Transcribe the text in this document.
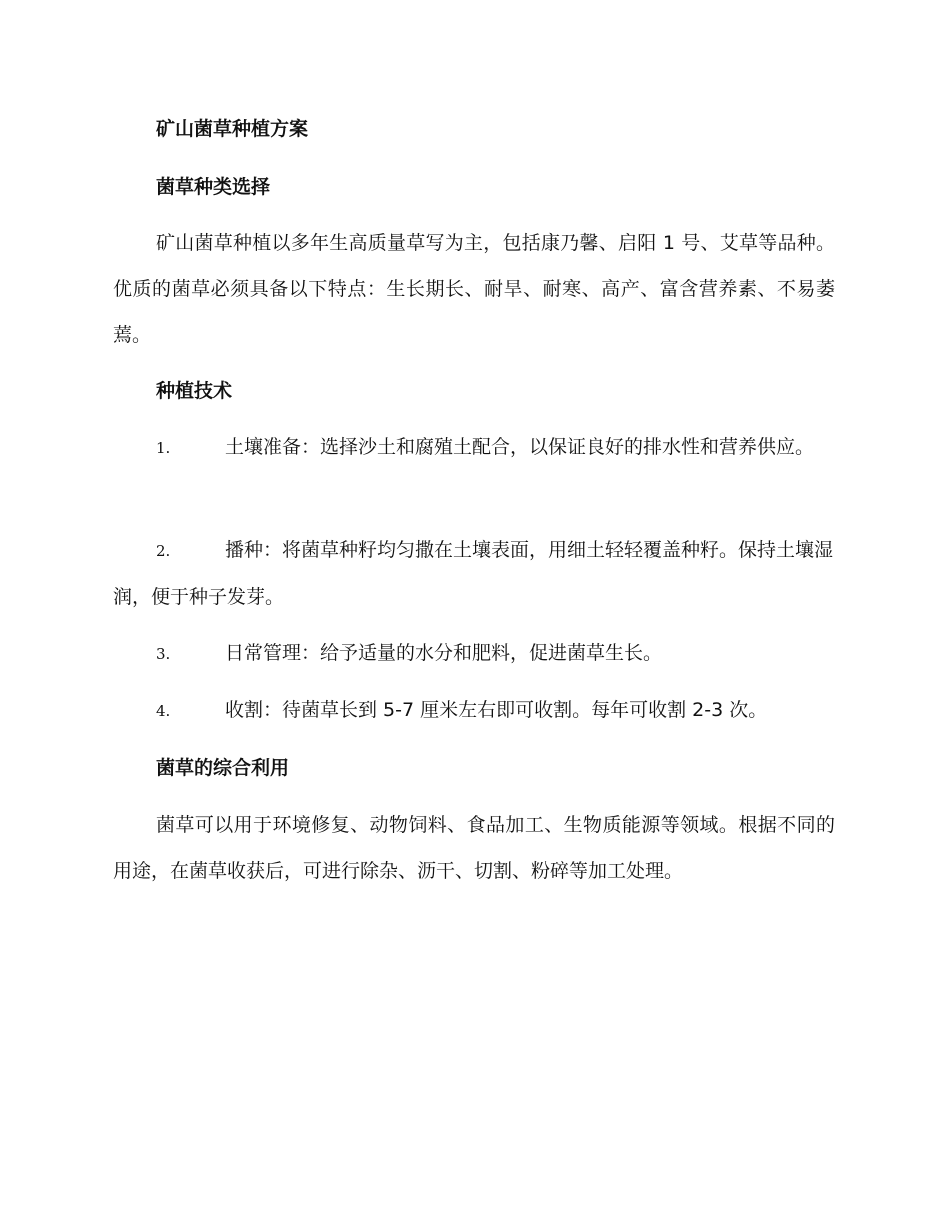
矿山菌草种植方案
菌草种类选择

矿山菌草种植以多年生高质量草写为主，包括康乃馨、启阳 1 号、艾草等品种。优质的菌草必须具备以下特点：生长期长、耐旱、耐寒、高产、富含营养素、不易萎蔫。

种植技术

1.	土壤准备：选择沙土和腐殖土配合，以保证良好的排水性和营养供应。

2.	播种：将菌草种籽均匀撒在土壤表面，用细土轻轻覆盖种籽。保持土壤湿润，便于种子发芽。

3.	日常管理：给予适量的水分和肥料，促进菌草生长。

4.	收割：待菌草长到 5-7 厘米左右即可收割。每年可收割 2-3 次。

菌草的综合利用

菌草可以用于环境修复、动物饲料、食品加工、生物质能源等领域。根据不同的用途，在菌草收获后，可进行除杂、沥干、切割、粉碎等加工处理。
